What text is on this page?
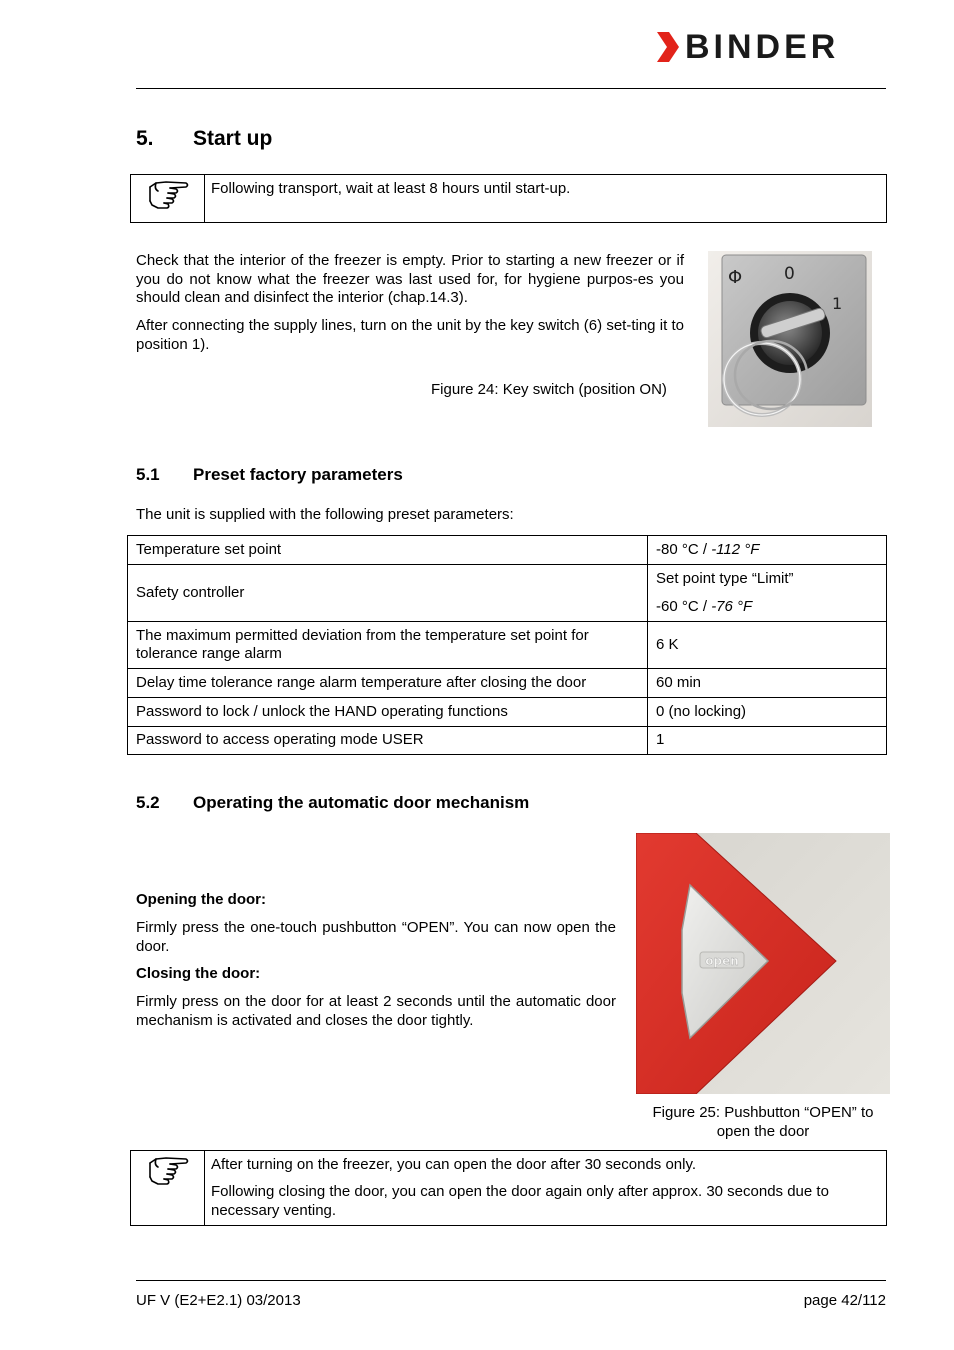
BINDER
5. Start up

Following transport, wait at least 8 hours until start-up.

Check that the interior of the freezer is empty. Prior to starting a new freezer or if you do not know what the freezer was last used for, for hygiene purpos-es you should clean and disinfect the interior (chap.14.3).

After connecting the supply lines, turn on the unit by the key switch (6) set-ting it to position 1).

Figure 24: Key switch (position ON)

Φ 0
1
5.1 Preset factory parameters

The unit is supplied with the following preset parameters:

Temperature set point	-80 °C / -112 °F
Safety controller	Set point type “Limit”

-60 °C / -76 °F

The maximum permitted deviation from the temperature set point for tolerance range alarm	6 K
Delay time tolerance range alarm temperature after closing the door	60 min
Password to lock / unlock the HAND operating functions	0 (no locking)
Password to access operating mode USER	1
5.2 Operating the automatic door mechanism

Opening the door:

Firmly press the one-touch pushbutton “OPEN”. You can now open the door.

Closing the door:

Firmly press on the door for at least 2 seconds until the automatic door mechanism is activated and closes the door tightly.

open

Figure 25: Pushbutton “OPEN” to
open the door

After turning on the freezer, you can open the door after 30 seconds only.

Following closing the door, you can open the door again only after approx. 30 seconds due to necessary venting.

UF V (E2+E2.1) 03/2013	page 42/112
